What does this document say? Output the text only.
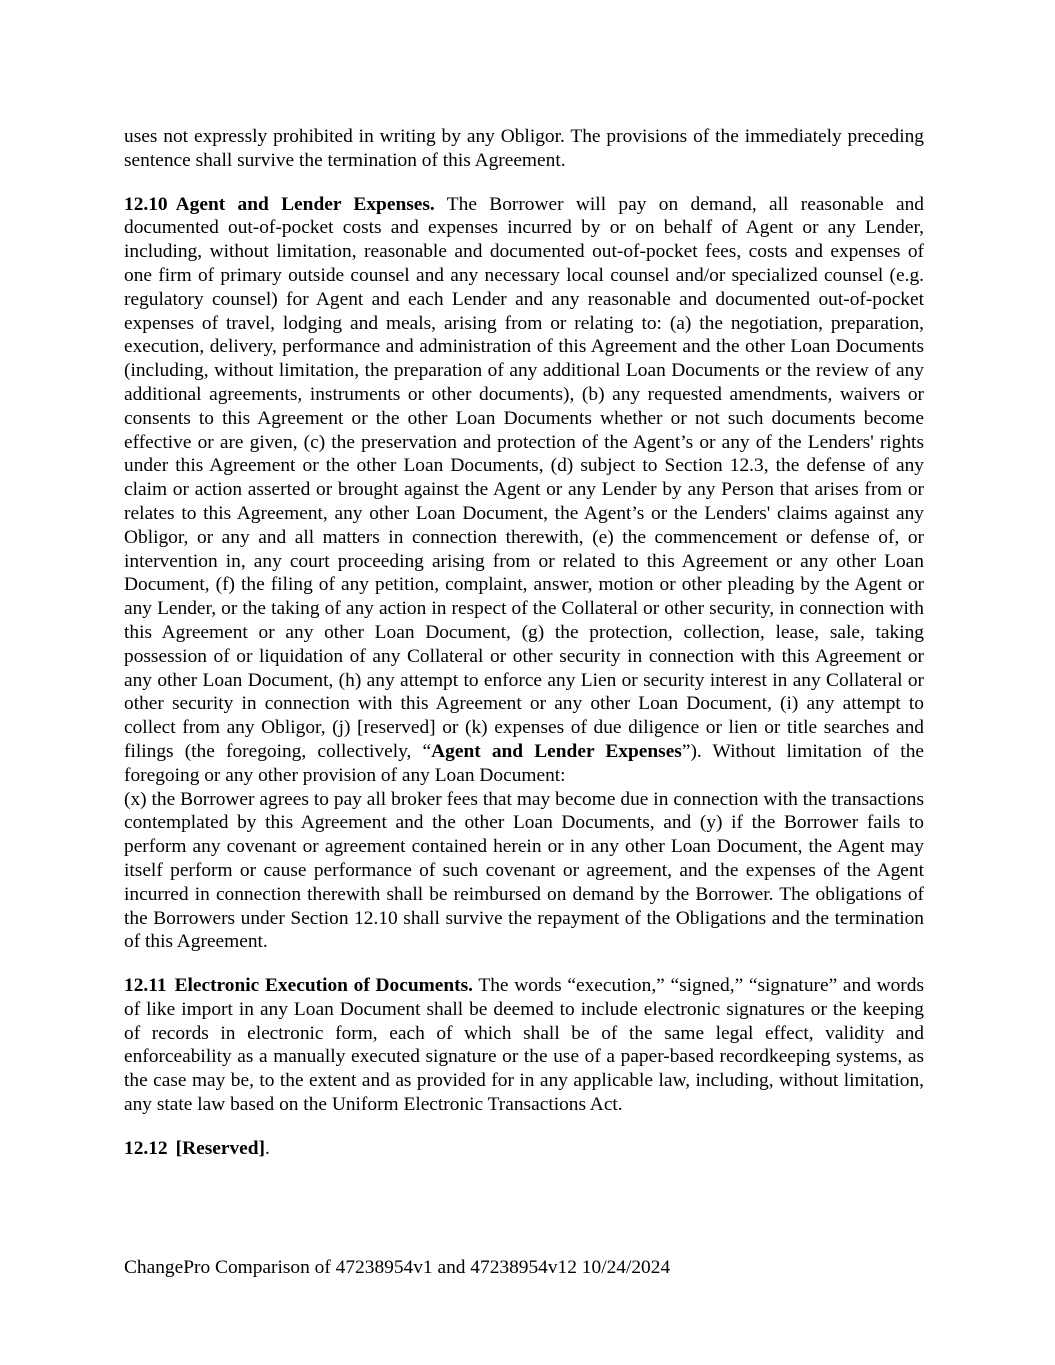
uses not expressly prohibited in writing by any Obligor. The provisions of the immediately preceding sentence shall survive the termination of this Agreement.

12.10 Agent and Lender Expenses. The Borrower will pay on demand, all reasonable and documented out-of-pocket costs and expenses incurred by or on behalf of Agent or any Lender, including, without limitation, reasonable and documented out-of-pocket fees, costs and expenses of one firm of primary outside counsel and any necessary local counsel and/or specialized counsel (e.g. regulatory counsel) for Agent and each Lender and any reasonable and documented out-of-pocket expenses of travel, lodging and meals, arising from or relating to: (a) the negotiation, preparation, execution, delivery, performance and administration of this Agreement and the other Loan Documents (including, without limitation, the preparation of any additional Loan Documents or the review of any additional agreements, instruments or other documents), (b) any requested amendments, waivers or consents to this Agreement or the other Loan Documents whether or not such documents become effective or are given, (c) the preservation and protection of the Agent’s or any of the Lenders' rights under this Agreement or the other Loan Documents, (d) subject to Section 12.3, the defense of any claim or action asserted or brought against the Agent or any Lender by any Person that arises from or relates to this Agreement, any other Loan Document, the Agent’s or the Lenders' claims against any Obligor, or any and all matters in connection therewith, (e) the commencement or defense of, or intervention in, any court proceeding arising from or related to this Agreement or any other Loan Document, (f) the filing of any petition, complaint, answer, motion or other pleading by the Agent or any Lender, or the taking of any action in respect of the Collateral or other security, in connection with this Agreement or any other Loan Document, (g) the protection, collection, lease, sale, taking possession of or liquidation of any Collateral or other security in connection with this Agreement or any other Loan Document, (h) any attempt to enforce any Lien or security interest in any Collateral or other security in connection with this Agreement or any other Loan Document, (i) any attempt to collect from any Obligor, (j) [reserved] or (k) expenses of due diligence or lien or title searches and filings (the foregoing, collectively, “Agent and Lender Expenses”). Without limitation of the foregoing or any other provision of any Loan Document:

(x) the Borrower agrees to pay all broker fees that may become due in connection with the transactions contemplated by this Agreement and the other Loan Documents, and (y) if the Borrower fails to perform any covenant or agreement contained herein or in any other Loan Document, the Agent may itself perform or cause performance of such covenant or agreement, and the expenses of the Agent incurred in connection therewith shall be reimbursed on demand by the Borrower. The obligations of the Borrowers under Section 12.10 shall survive the repayment of the Obligations and the termination of this Agreement.

12.11 Electronic Execution of Documents. The words “execution,” “signed,” “signature” and words of like import in any Loan Document shall be deemed to include electronic signatures or the keeping of records in electronic form, each of which shall be of the same legal effect, validity and enforceability as a manually executed signature or the use of a paper-based recordkeeping systems, as the case may be, to the extent and as provided for in any applicable law, including, without limitation, any state law based on the Uniform Electronic Transactions Act.

12.12 [Reserved].

ChangePro Comparison of 47238954v1 and 47238954v12 10/24/2024
